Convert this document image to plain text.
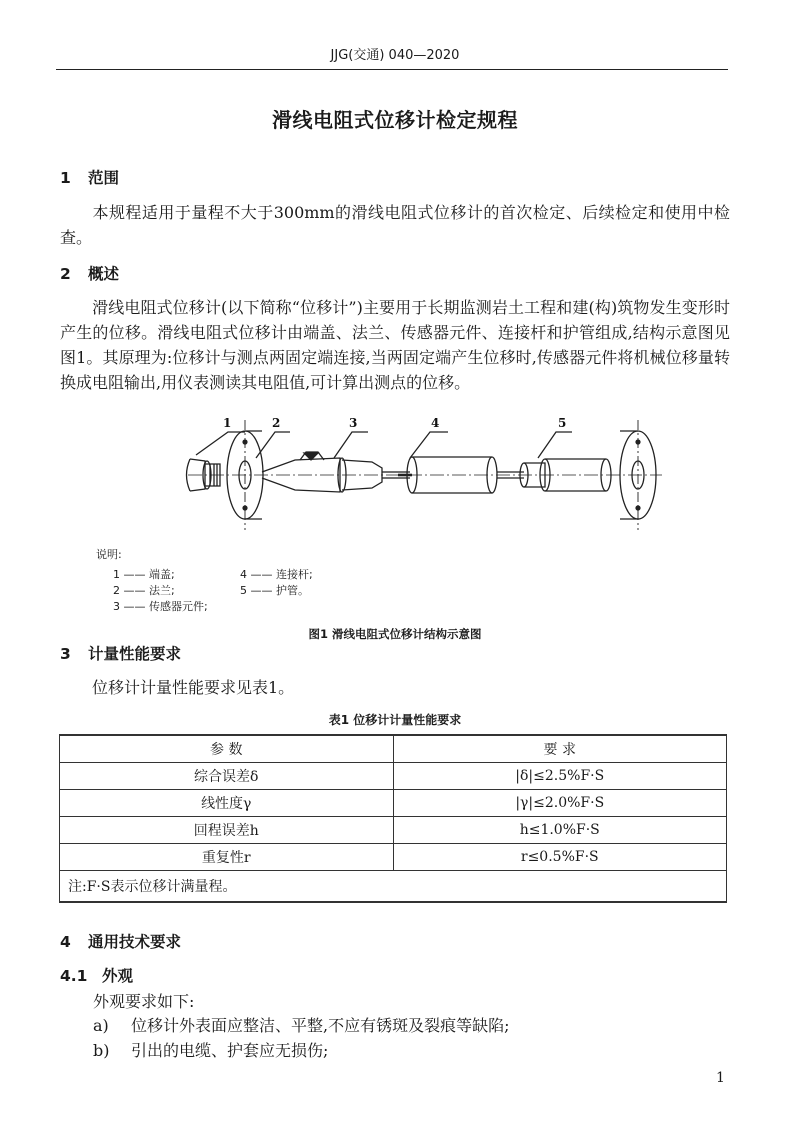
JJG(交通) 040—2020
滑线电阻式位移计检定规程
1 范围
本规程适用于量程不大于300mm的滑线电阻式位移计的首次检定、后续检定和使用中检查。
2 概述
滑线电阻式位移计(以下简称“位移计”)主要用于长期监测岩土工程和建(构)筑物发生变形时产生的位移。滑线电阻式位移计由端盖、法兰、传感器元件、连接杆和护管组成,结构示意图见图1。其原理为:位移计与测点两固定端连接,当两固定端产生位移时,传感器元件将机械位移量转换成电阻输出,用仪表测读其电阻值,可计算出测点的位移。
1	2	3	4	5
说明:
1 —— 端盖;
2 —— 法兰;
3 —— 传感器元件;
4 —— 连接杆;
5 —— 护管。
图1 滑线电阻式位移计结构示意图
3 计量性能要求
位移计计量性能要求见表1。
表1 位移计计量性能要求
参 数	要 求
综合误差δ	|δ|≤2.5%F·S
线性度γ	|γ|≤2.0%F·S
回程误差h	h≤1.0%F·S
重复性r	r≤0.5%F·S
注:F·S表示位移计满量程。	
4 通用技术要求
4.1 外观
外观要求如下:
a) 位移计外表面应整洁、平整,不应有锈斑及裂痕等缺陷;
b) 引出的电缆、护套应无损伤;
1
